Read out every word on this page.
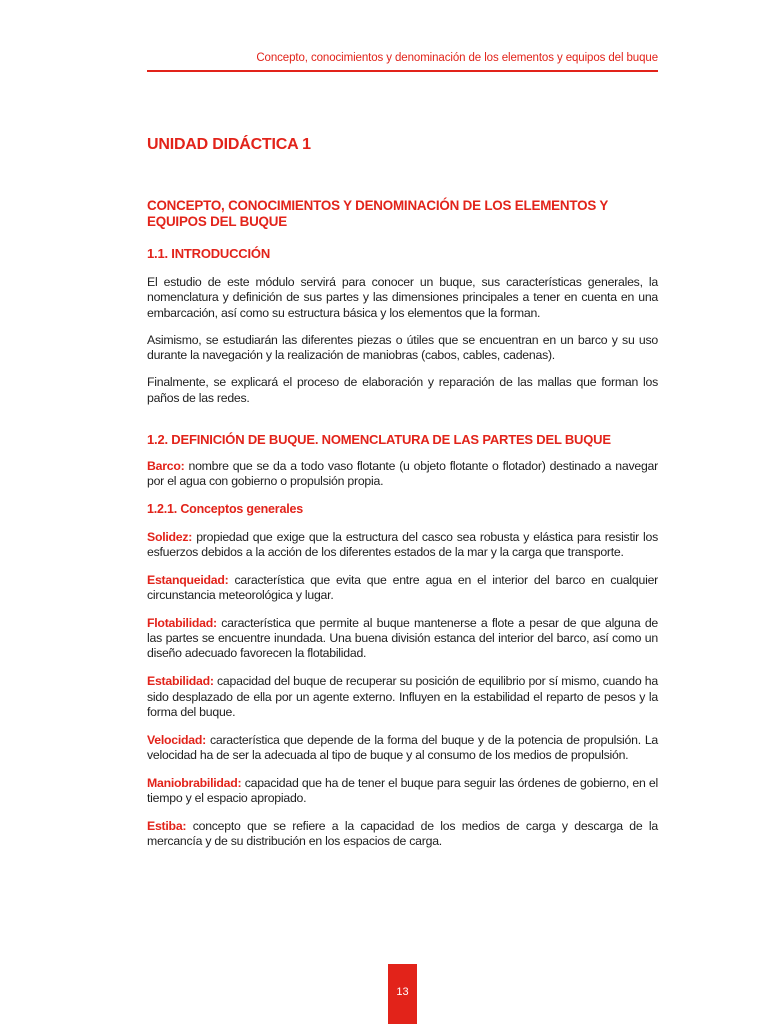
Concepto, conocimientos y denominación de los elementos y equipos del buque
UNIDAD DIDÁCTICA 1
CONCEPTO, CONOCIMIENTOS Y DENOMINACIÓN DE LOS ELEMENTOS Y
EQUIPOS DEL BUQUE
1.1. INTRODUCCIÓN

El estudio de este módulo servirá para conocer un buque, sus características generales, la nomenclatura y definición de sus partes y las dimensiones principales a tener en cuenta en una embarcación, así como su estructura básica y los elementos que la forman.

Asimismo, se estudiarán las diferentes piezas o útiles que se encuentran en un barco y su uso durante la navegación y la realización de maniobras (cabos, cables, cadenas).

Finalmente, se explicará el proceso de elaboración y reparación de las mallas que forman los paños de las redes.

1.2. DEFINICIÓN DE BUQUE. NOMENCLATURA DE LAS PARTES DEL BUQUE

Barco: nombre que se da a todo vaso flotante (u objeto flotante o flotador) destinado a navegar por el agua con gobierno o propulsión propia.

1.2.1. Conceptos generales

Solidez: propiedad que exige que la estructura del casco sea robusta y elástica para resistir los esfuerzos debidos a la acción de los diferentes estados de la mar y la carga que transporte.

Estanqueidad: característica que evita que entre agua en el interior del barco en cualquier circunstancia meteorológica y lugar.

Flotabilidad: característica que permite al buque mantenerse a flote a pesar de que alguna de las partes se encuentre inundada. Una buena división estanca del interior del barco, así como un diseño adecuado favorecen la flotabilidad.

Estabilidad: capacidad del buque de recuperar su posición de equilibrio por sí mismo, cuando ha sido desplazado de ella por un agente externo. Influyen en la estabilidad el reparto de pesos y la forma del buque.

Velocidad: característica que depende de la forma del buque y de la potencia de propulsión. La velocidad ha de ser la adecuada al tipo de buque y al consumo de los medios de propulsión.

Maniobrabilidad: capacidad que ha de tener el buque para seguir las órdenes de gobierno, en el tiempo y el espacio apropiado.

Estiba: concepto que se refiere a la capacidad de los medios de carga y descarga de la mercancía y de su distribución en los espacios de carga.

13
